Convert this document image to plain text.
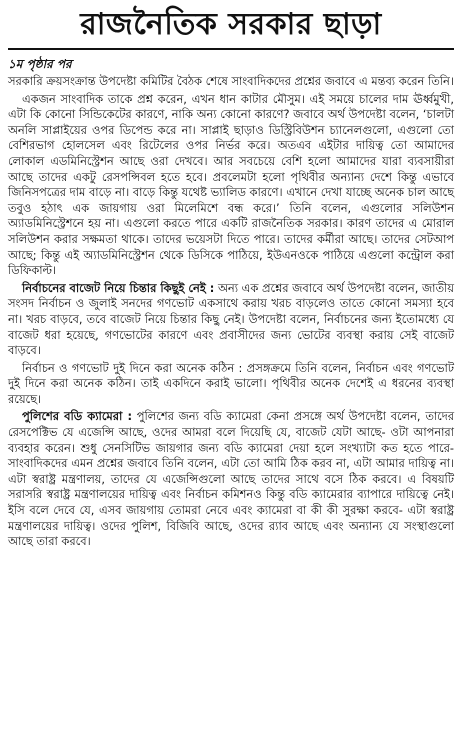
রাজনৈতিক সরকার ছাড়া
১ম পৃষ্ঠার পর

সরকারি ক্রয়সংক্রান্ত উপদেষ্টা কমিটির বৈঠক শেষে সাংবাদিকদের প্রশ্নের জবাবে এ মন্তব্য করেন তিনি।

একজন সাংবাদিক তাকে প্রশ্ন করেন, এখন ধান কাটার মৌসুম। এই সময়ে চালের দাম ঊর্ধ্বমুখী, এটা কি কোনো সিন্ডিকেটের কারণে, নাকি অন্য কোনো কারণে? জবাবে অর্থ উপদেষ্টা বলেন, ‘চালটা অনলি সাপ্লাইয়ের ওপর ডিপেন্ড করে না। সাপ্লাই ছাড়াও ডিস্ট্রিবিউশন চ্যানেলগুলো, এগুলো তো বেশিরভাগ হোলসেল এবং রিটেলের ওপর নির্ভর করে। অতএব এইটার দায়িত্ব তো আমাদের লোকাল এডমিনিস্ট্রেশন আছে ওরা দেখবে। আর সবচেয়ে বেশি হলো আমাদের যারা ব্যবসায়ীরা আছে তাদের একটু রেসপন্সিবল হতে হবে। প্রবলেমটা হলো পৃথিবীর অন্যান্য দেশে কিন্তু এভাবে জিনিসপত্রের দাম বাড়ে না। বাড়ে কিন্তু যথেষ্ট ভ্যালিড কারণে। এখানে দেখা যাচ্ছে অনেক চাল আছে তবুও হঠাৎ এক জায়গায় ওরা মিলেমিশে বন্ধ করে।’ তিনি বলেন, এগুলোর সলিউশন অ্যাডমিনিস্ট্রেশনে হয় না। এগুলো করতে পারে একটি রাজনৈতিক সরকার। কারণ তাদের এ মোরাল সলিউশন করার সক্ষমতা থাকে। তাদের ভয়েসটা দিতে পারে। তাদের কর্মীরা আছে। তাদের সেটআপ আছে; কিন্তু এই অ্যাডমিনিস্ট্রেশন থেকে ডিসিকে পাঠিয়ে, ইউএনওকে পাঠিয়ে এগুলো কন্ট্রোল করা ডিফিকাল্ট।

নির্বাচনের বাজেট নিয়ে চিন্তার কিছুই নেই : অন্য এক প্রশ্নের জবাবে অর্থ উপদেষ্টা বলেন, জাতীয় সংসদ নির্বাচন ও জুলাই সনদের গণভোট একসাথে করায় খরচ বাড়লেও তাতে কোনো সমস্যা হবে না। খরচ বাড়বে, তবে বাজেট নিয়ে চিন্তার কিছু নেই। উপদেষ্টা বলেন, নির্বাচনের জন্য ইতোমধ্যে যে বাজেট ধরা হয়েছে, গণভোটের কারণে এবং প্রবাসীদের জন্য ভোটের ব্যবস্থা করায় সেই বাজেট বাড়বে।

নির্বাচন ও গণভোট দুই দিনে করা অনেক কঠিন : প্রসঙ্গক্রমে তিনি বলেন, নির্বাচন এবং গণভোট দুই দিনে করা অনেক কঠিন। তাই একদিনে করাই ভালো। পৃথিবীর অনেক দেশেই এ ধরনের ব্যবস্থা রয়েছে।

পুলিশের বডি ক্যামেরা : পুলিশের জন্য বডি ক্যামেরা কেনা প্রসঙ্গে অর্থ উপদেষ্টা বলেন, তাদের রেসপেক্টিভ যে এজেন্সি আছে, ওদের আমরা বলে দিয়েছি যে, বাজেট যেটা আছে- ওটা আপনারা ব্যবহার করেন। শুধু সেনসিটিভ জায়গার জন্য বডি ক্যামেরা দেয়া হলে সংখ্যাটা কত হতে পারে- সাংবাদিকদের এমন প্রশ্নের জবাবে তিনি বলেন, এটা তো আমি ঠিক করব না, এটা আমার দায়িত্ব না। এটা স্বরাষ্ট্র মন্ত্রণালয়, তাদের যে এজেন্সিগুলো আছে তাদের সাথে বসে ঠিক করবে। এ বিষয়টি সরাসরি স্বরাষ্ট্র মন্ত্রণালয়ের দায়িত্ব এবং নির্বাচন কমিশনও কিন্তু বডি ক্যামেরার ব্যাপারে দায়িত্বে নেই। ইসি বলে দেবে যে, এসব জায়গায় তোমরা নেবে এবং ক্যামেরা বা কী কী সুরক্ষা করবে- এটা স্বরাষ্ট্র মন্ত্রণালয়ের দায়িত্ব। ওদের পুলিশ, বিজিবি আছে, ওদের র‍্যাব আছে এবং অন্যান্য যে সংস্থাগুলো আছে তারা করবে।
